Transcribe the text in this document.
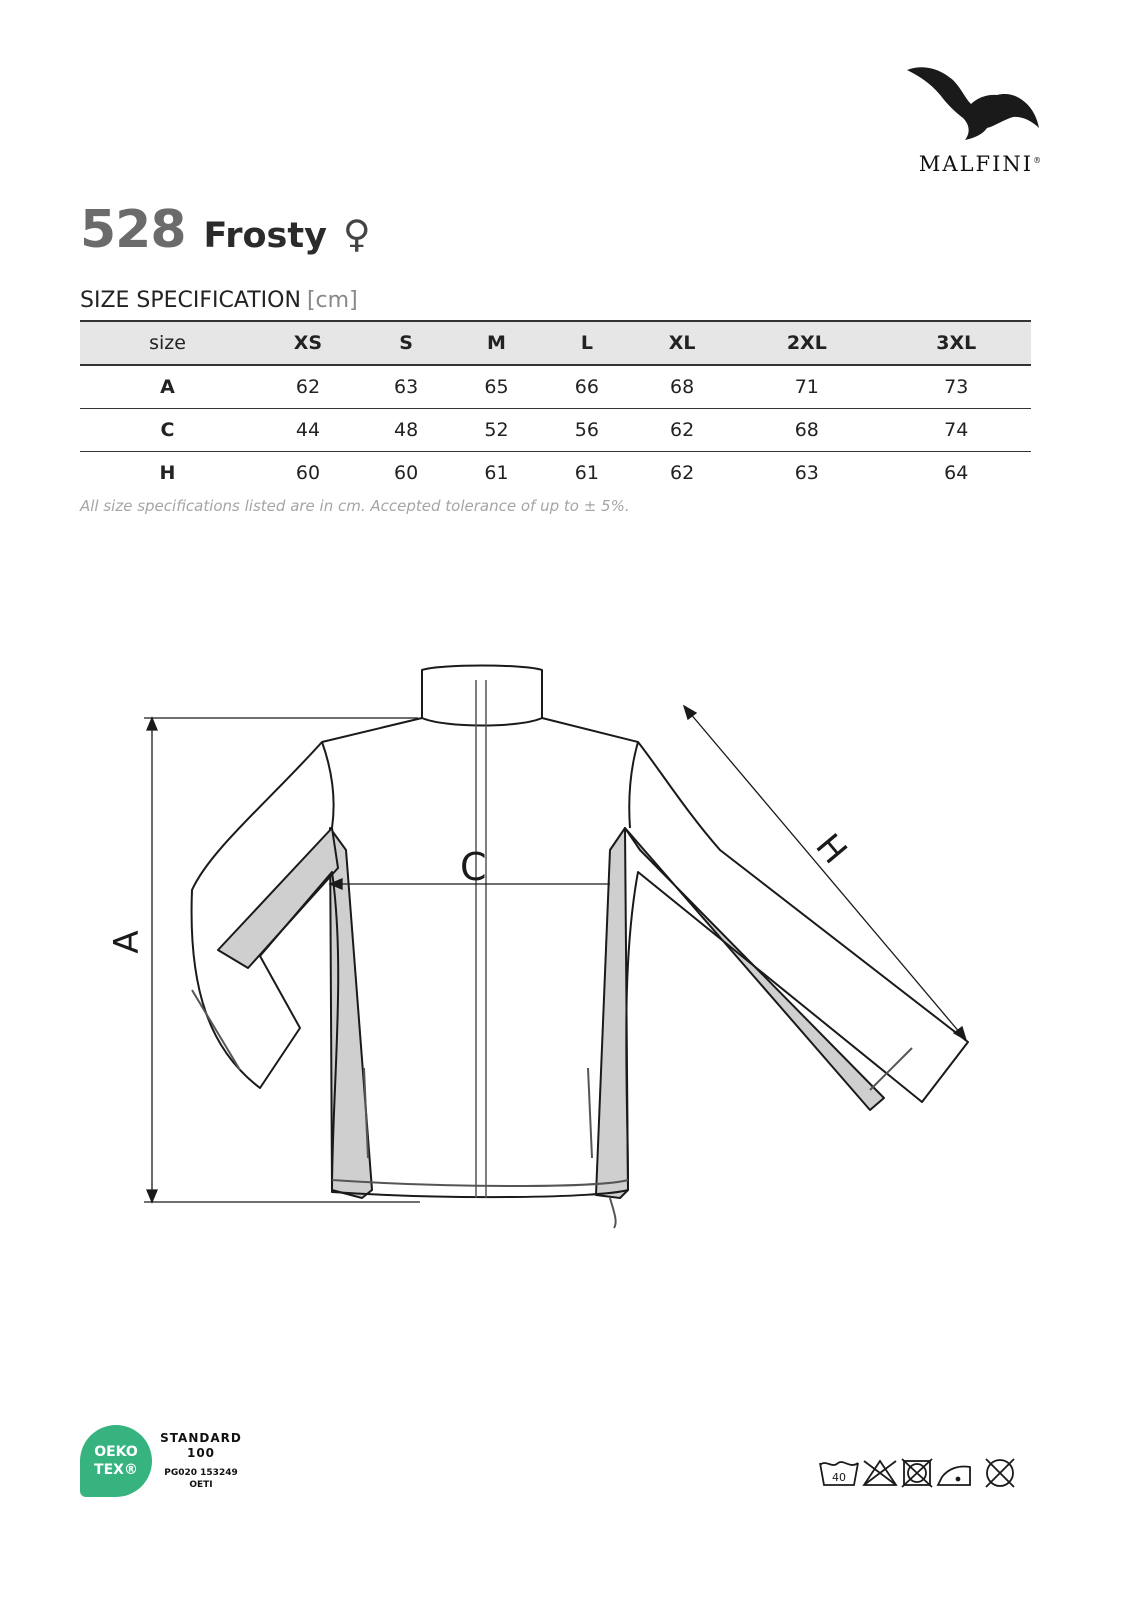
MALFINI®
528 Frosty ♀
SIZE SPECIFICATION [cm]
size	XS	S	M	L	XL	2XL	3XL
A	62	63	65	66	68	71	73
C	44	48	52	56	62	68	74
H	60	60	61	61	62	63	64
All size specifications listed are in cm. Accepted tolerance of up to ± 5%.
A
C	H
OEKO
TEX®
STANDARD
100
PG020 153249
OETI
40
